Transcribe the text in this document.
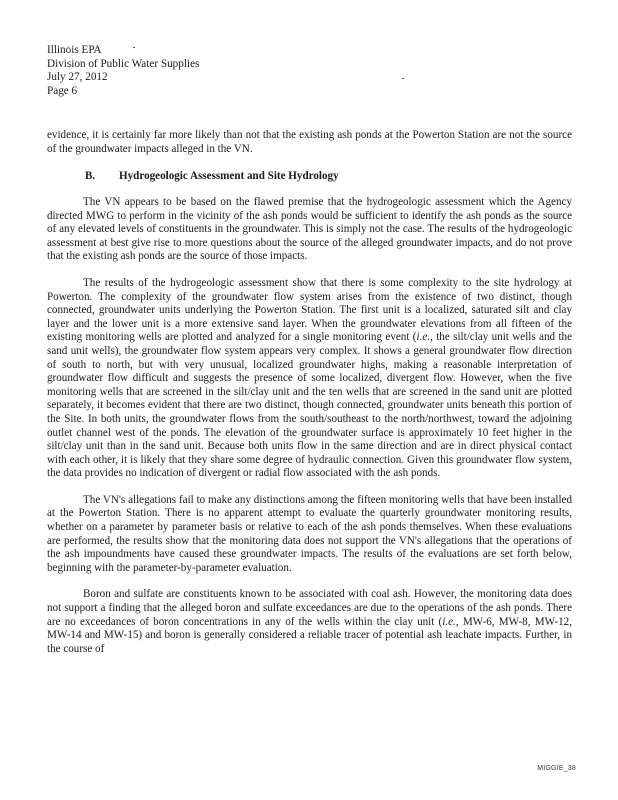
Illinois EPA
Division of Public Water Supplies
July 27, 2012
Page 6

evidence, it is certainly far more likely than not that the existing ash ponds at the Powerton Station are not the source of the groundwater impacts alleged in the VN.

B. Hydrogeologic Assessment and Site Hydrology

The VN appears to be based on the flawed premise that the hydrogeologic assessment which the Agency directed MWG to perform in the vicinity of the ash ponds would be sufficient to identify the ash ponds as the source of any elevated levels of constituents in the groundwater. This is simply not the case. The results of the hydrogeologic assessment at best give rise to more questions about the source of the alleged groundwater impacts, and do not prove that the existing ash ponds are the source of those impacts.

The results of the hydrogeologic assessment show that there is some complexity to the site hydrology at Powerton. The complexity of the groundwater flow system arises from the existence of two distinct, though connected, groundwater units underlying the Powerton Station. The first unit is a localized, saturated silt and clay layer and the lower unit is a more extensive sand layer. When the groundwater elevations from all fifteen of the existing monitoring wells are plotted and analyzed for a single monitoring event (i.e., the silt/clay unit wells and the sand unit wells), the groundwater flow system appears very complex. It shows a general groundwater flow direction of south to north, but with very unusual, localized groundwater highs, making a reasonable interpretation of groundwater flow difficult and suggests the presence of some localized, divergent flow. However, when the five monitoring wells that are screened in the silt/clay unit and the ten wells that are screened in the sand unit are plotted separately, it becomes evident that there are two distinct, though connected, groundwater units beneath this portion of the Site. In both units, the groundwater flows from the south/southeast to the north/northwest, toward the adjoining outlet channel west of the ponds. The elevation of the groundwater surface is approximately 10 feet higher in the silt/clay unit than in the sand unit. Because both units flow in the same direction and are in direct physical contact with each other, it is likely that they share some degree of hydraulic connection. Given this groundwater flow system, the data provides no indication of divergent or radial flow associated with the ash ponds.

The VN's allegations fail to make any distinctions among the fifteen monitoring wells that have been installed at the Powerton Station. There is no apparent attempt to evaluate the quarterly groundwater monitoring results, whether on a parameter by parameter basis or relative to each of the ash ponds themselves. When these evaluations are performed, the results show that the monitoring data does not support the VN's allegations that the operations of the ash impoundments have caused these groundwater impacts. The results of the evaluations are set forth below, beginning with the parameter-by-parameter evaluation.

Boron and sulfate are constituents known to be associated with coal ash. However, the monitoring data does not support a finding that the alleged boron and sulfate exceedances are due to the operations of the ash ponds. There are no exceedances of boron concentrations in any of the wells within the clay unit (i.e., MW-6, MW-8, MW-12, MW-14 and MW-15) and boron is generally considered a reliable tracer of potential ash leachate impacts. Further, in the course of

MIGGIE_38
